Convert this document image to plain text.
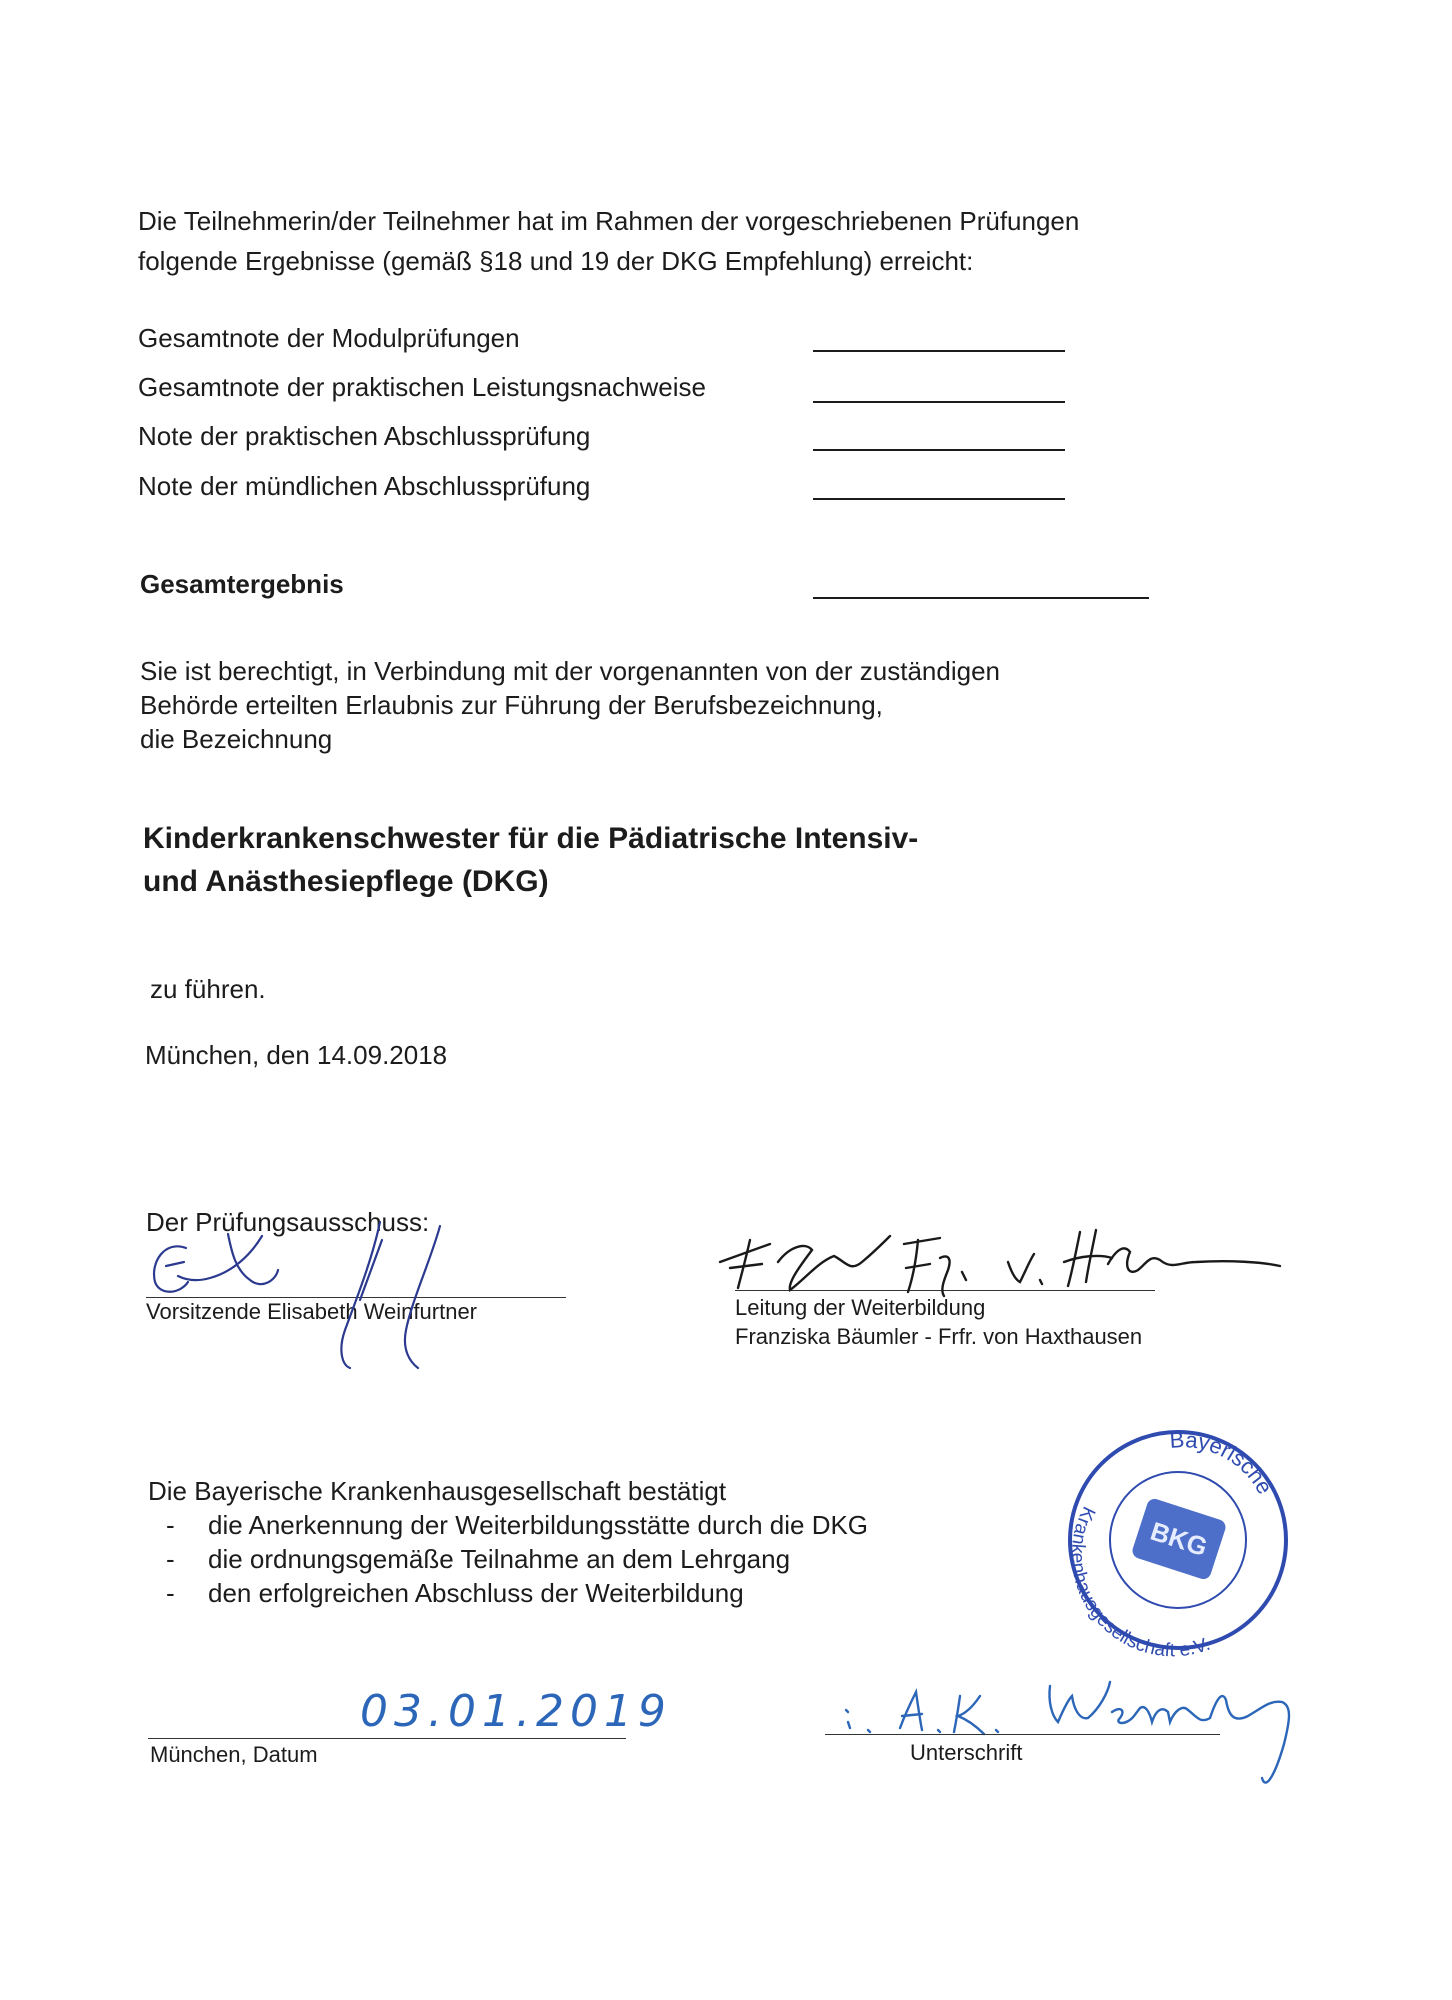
Die Teilnehmerin/der Teilnehmer hat im Rahmen der vorgeschriebenen Prüfungen
folgende Ergebnisse (gemäß §18 und 19 der DKG Empfehlung) erreicht:
Gesamtnote der Modulprüfungen
Gesamtnote der praktischen Leistungsnachweise
Note der praktischen Abschlussprüfung
Note der mündlichen Abschlussprüfung
Gesamtergebnis
Sie ist berechtigt, in Verbindung mit der vorgenannten von der zuständigen
Behörde erteilten Erlaubnis zur Führung der Berufsbezeichnung,
die Bezeichnung
Kinderkrankenschwester für die Pädiatrische Intensiv-
und Anästhesiepflege (DKG)
zu führen.
München, den 14.09.2018
Der Prüfungsausschuss:
Vorsitzende Elisabeth Weinfurtner	Leitung der Weiterbildung
Franziska Bäumler - Frfr. von Haxthausen
Die Bayerische Krankenhausgesellschaft bestätigt
- die Anerkennung der Weiterbildungsstätte durch die DKG
- die ordnungsgemäße Teilnahme an dem Lehrgang
- den erfolgreichen Abschluss der Weiterbildung
Bayerische
Krankenhausgesellschaft e.V.
BKG
03.01.2019
München, Datum	Unterschrift
